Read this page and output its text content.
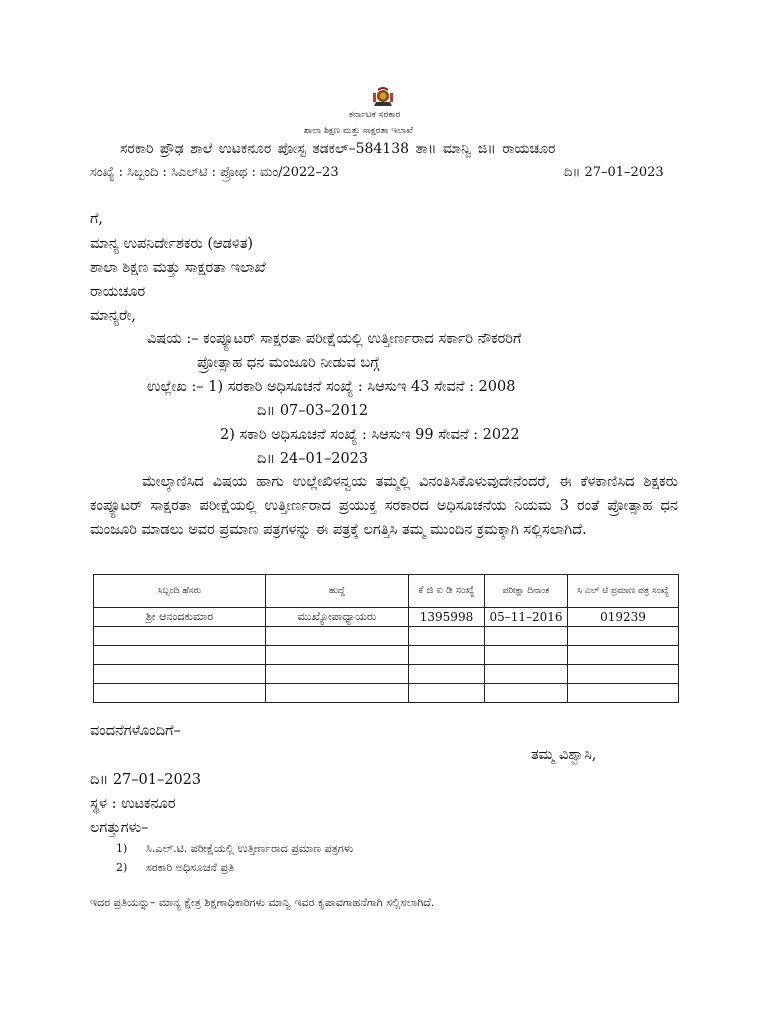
ಕರ್ನಾಟಕ ಸರಕಾರ
ಶಾಲಾ ಶಿಕ್ಷಣ ಮತ್ತು ಸಾಕ್ಷರತಾ ಇಲಾಖೆ
ಸರಕಾರಿ ಪ್ರೌಢ ಶಾಲೆ ಉಟಕನೂರ ಪೋಸ್ಟ ತಡಕಲ್–584138 ತಾ॥ ಮಾನ್ವಿ ಜಿ॥ ರಾಯಚೂರ
ಸಂಖ್ಯೆ : ಸಿಬ್ಬಂದಿ : ಸಿಎಲ್‌ಟಿ : ಪ್ರೋಥ : ಮಂ/2022–23	ದಿ॥ 27–01–2023
ಗೆ,
ಮಾನ್ಯ ಉಪನಿರ್ದೇಶಕರು (ಆಡಳಿತ)
ಶಾಲಾ ಶಿಕ್ಷಣ ಮತ್ತು ಸಾಕ್ಷರತಾ ಇಲಾಖೆ
ರಾಯಚೂರ
ಮಾನ್ಯರೇ,
ವಿಷಯ :– ಕಂಪ್ಯೂಟರ್ ಸಾಕ್ಷರತಾ ಪರೀಕ್ಷೆಯಲ್ಲಿ ಉತ್ತೀರ್ಣರಾದ ಸರ್ಕಾರಿ ನೌಕರರಿಗೆ
ಪ್ರೋತ್ಸಾಹ ಧನ ಮಂಜೂರಿ ನೀಡುವ ಬಗ್ಗೆ
ಉಲ್ಲೇಖ :– 1) ಸರಕಾರಿ ಅಧಿಸೂಚನೆ ಸಂಖ್ಯೆ : ಸಿಆಸುಇ 43 ಸೇವನೆ : 2008
ದಿ॥ 07–03–2012
2) ಸಕಾರಿ ಅಧಿಸೂಚನೆ ಸಂಖ್ಯೆ : ಸಿಆಸುಇ 99 ಸೇವನೆ : 2022
ದಿ॥ 24–01–2023
ಮೇಲ್ಕಾಣಿಸಿದ ವಿಷಯ ಹಾಗು ಉಲ್ಲೇಖಿಳನ್ವಯ ತಮ್ಮಲ್ಲಿ ವಿನಂತಿಸಿಕೊಳುವುದೇನೆಂದರೆ, ಈ ಕೆಳಕಾಣಿಸಿದ ಶಿಕ್ಷಕರು ಕಂಪ್ಯೂಟರ್ ಸಾಕ್ಷರತಾ ಪರೀಕ್ಷೆಯಲ್ಲಿ ಉತ್ತೀರ್ಣರಾದ ಪ್ರಯುಕ್ತ ಸರಕಾರದ ಅಧಿಸೂಚನೆಯ ನಿಯಮ 3 ರಂತೆ ಪ್ರೋತ್ಸಾಹ ಧನ ಮಂಜೂರಿ ಮಾಡಲು ಅವರ ಪ್ರಮಾಣ ಪತ್ರಗಳನ್ನು ಈ ಪತ್ರಕ್ಕೆ ಲಗತ್ತಿಸಿ ತಮ್ಮ ಮುಂದಿನ ಕ್ರಮಕ್ಕಾಗಿ ಸಲ್ಲಿಸಲಾಗಿದೆ.
ಸಿಬ್ಬಂದಿ ಹೆಸರು	ಹುದ್ದೆ	ಕೆ ಜಿ ಐ ಡಿ ಸಂಖ್ಯೆ	ಪರೀಕ್ಷಾ ದಿನಾಂಕ	ಸಿ ಎಲ್ ಟಿ ಪ್ರಮಾಣ ಪತ್ರ ಸಂಖ್ಯೆ
ಶ್ರೀ ಆನಂದಕುಮಾರ	ಮುಖ್ಯೋಪಾಧ್ಯಾಯರು	1395998	05–11–2016	019239

ವಂದನೆಗಳೊಂದಿಗೆ–
ತಮ್ಮ ವಿಶ್ವಾಸಿ,
ದಿ॥ 27–01–2023
ಸ್ಥಳ : ಉಟಕನೂರ
ಲಗತ್ತುಗಳು–
1) ಸಿ.ಎಲ್.ಟಿ. ಪರೀಕ್ಷೆಯಲ್ಲಿ ಉತ್ತೀರ್ಣರಾದ ಪ್ರಮಾಣ ಪತ್ರಗಳು
2) ಸರಕಾರಿ ಅಧಿಸೂಚನೆ ಪ್ರತಿ
ಇದರ ಪ್ರತಿಯನ್ನು– ಮಾನ್ಯ ಕ್ಷೇತ್ರ ಶಿಕ್ಷಣಾಧಿಕಾರಿಗಳು ಮಾನ್ವಿ ಇವರ ಕೃಪಾವಗಾಹನೆಗಾಗಿ ಸಲ್ಲಿಸಲಾಗಿದೆ.
